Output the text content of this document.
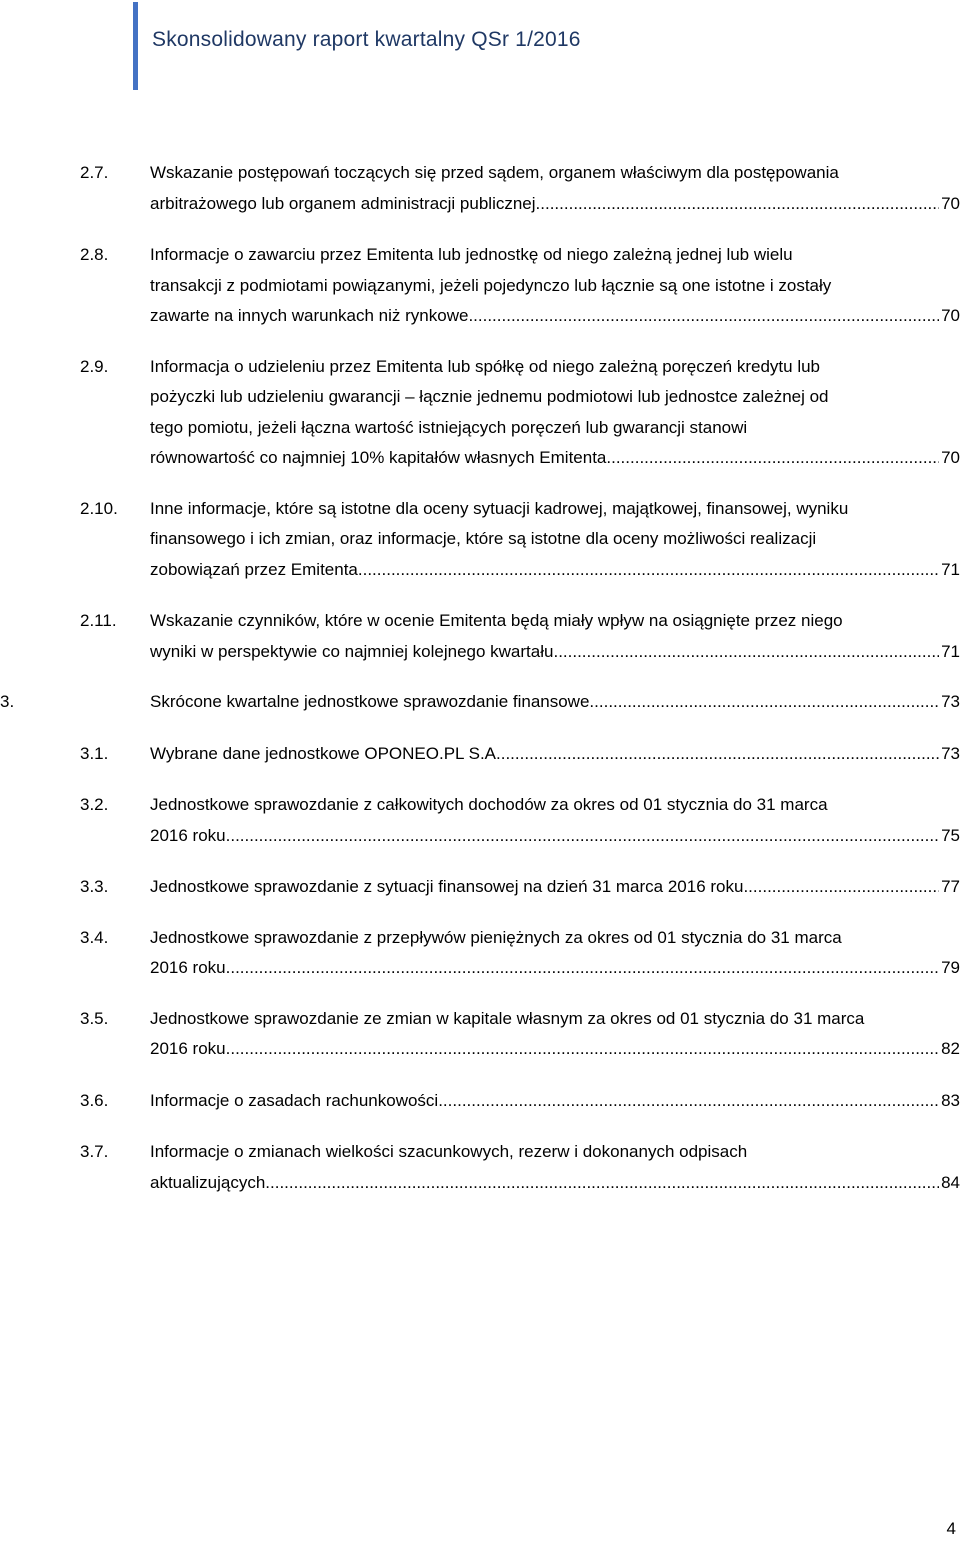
Skonsolidowany raport kwartalny QSr 1/2016
2.7. Wskazanie postępowań toczących się przed sądem, organem właściwym dla postępowania
arbitrażowego lub organem administracji publicznej .....	70
2.8. Informacje o zawarciu przez Emitenta lub jednostkę od niego zależną jednej lub wielu
transakcji z podmiotami powiązanymi, jeżeli pojedynczo lub łącznie są one istotne i zostały
zawarte na innych warunkach niż rynkowe .....	70
2.9. Informacja o udzieleniu przez Emitenta lub spółkę od niego zależną poręczeń kredytu lub
pożyczki lub udzieleniu gwarancji – łącznie jednemu podmiotowi lub jednostce zależnej od
tego pomiotu, jeżeli łączna wartość istniejących poręczeń lub gwarancji stanowi
równowartość co najmniej 10% kapitałów własnych Emitenta .....	70
2.10. Inne informacje, które są istotne dla oceny sytuacji kadrowej, majątkowej, finansowej, wyniku
finansowego i ich zmian, oraz informacje, które są istotne dla oceny możliwości realizacji
zobowiązań przez Emitenta .....	71
2.11. Wskazanie czynników, które w ocenie Emitenta będą miały wpływ na osiągnięte przez niego
wyniki w perspektywie co najmniej kolejnego kwartału .....	71
3.	Skrócone kwartalne jednostkowe sprawozdanie finansowe .....	73
3.1. Wybrane dane jednostkowe OPONEO.PL S.A. .....	73
3.2. Jednostkowe sprawozdanie z całkowitych dochodów za okres od 01 stycznia do 31 marca
2016 roku .....	75
3.3. Jednostkowe sprawozdanie z sytuacji finansowej na dzień 31 marca 2016 roku .....	77
3.4. Jednostkowe sprawozdanie z przepływów pieniężnych za okres od 01 stycznia do 31 marca
2016 roku .....	79
3.5. Jednostkowe sprawozdanie ze zmian w kapitale własnym za okres od 01 stycznia do 31 marca
2016 roku .....	82
3.6. Informacje o zasadach rachunkowości .....	83
3.7. Informacje o zmianach wielkości szacunkowych, rezerw i dokonanych odpisach
aktualizujących .....	84
4
